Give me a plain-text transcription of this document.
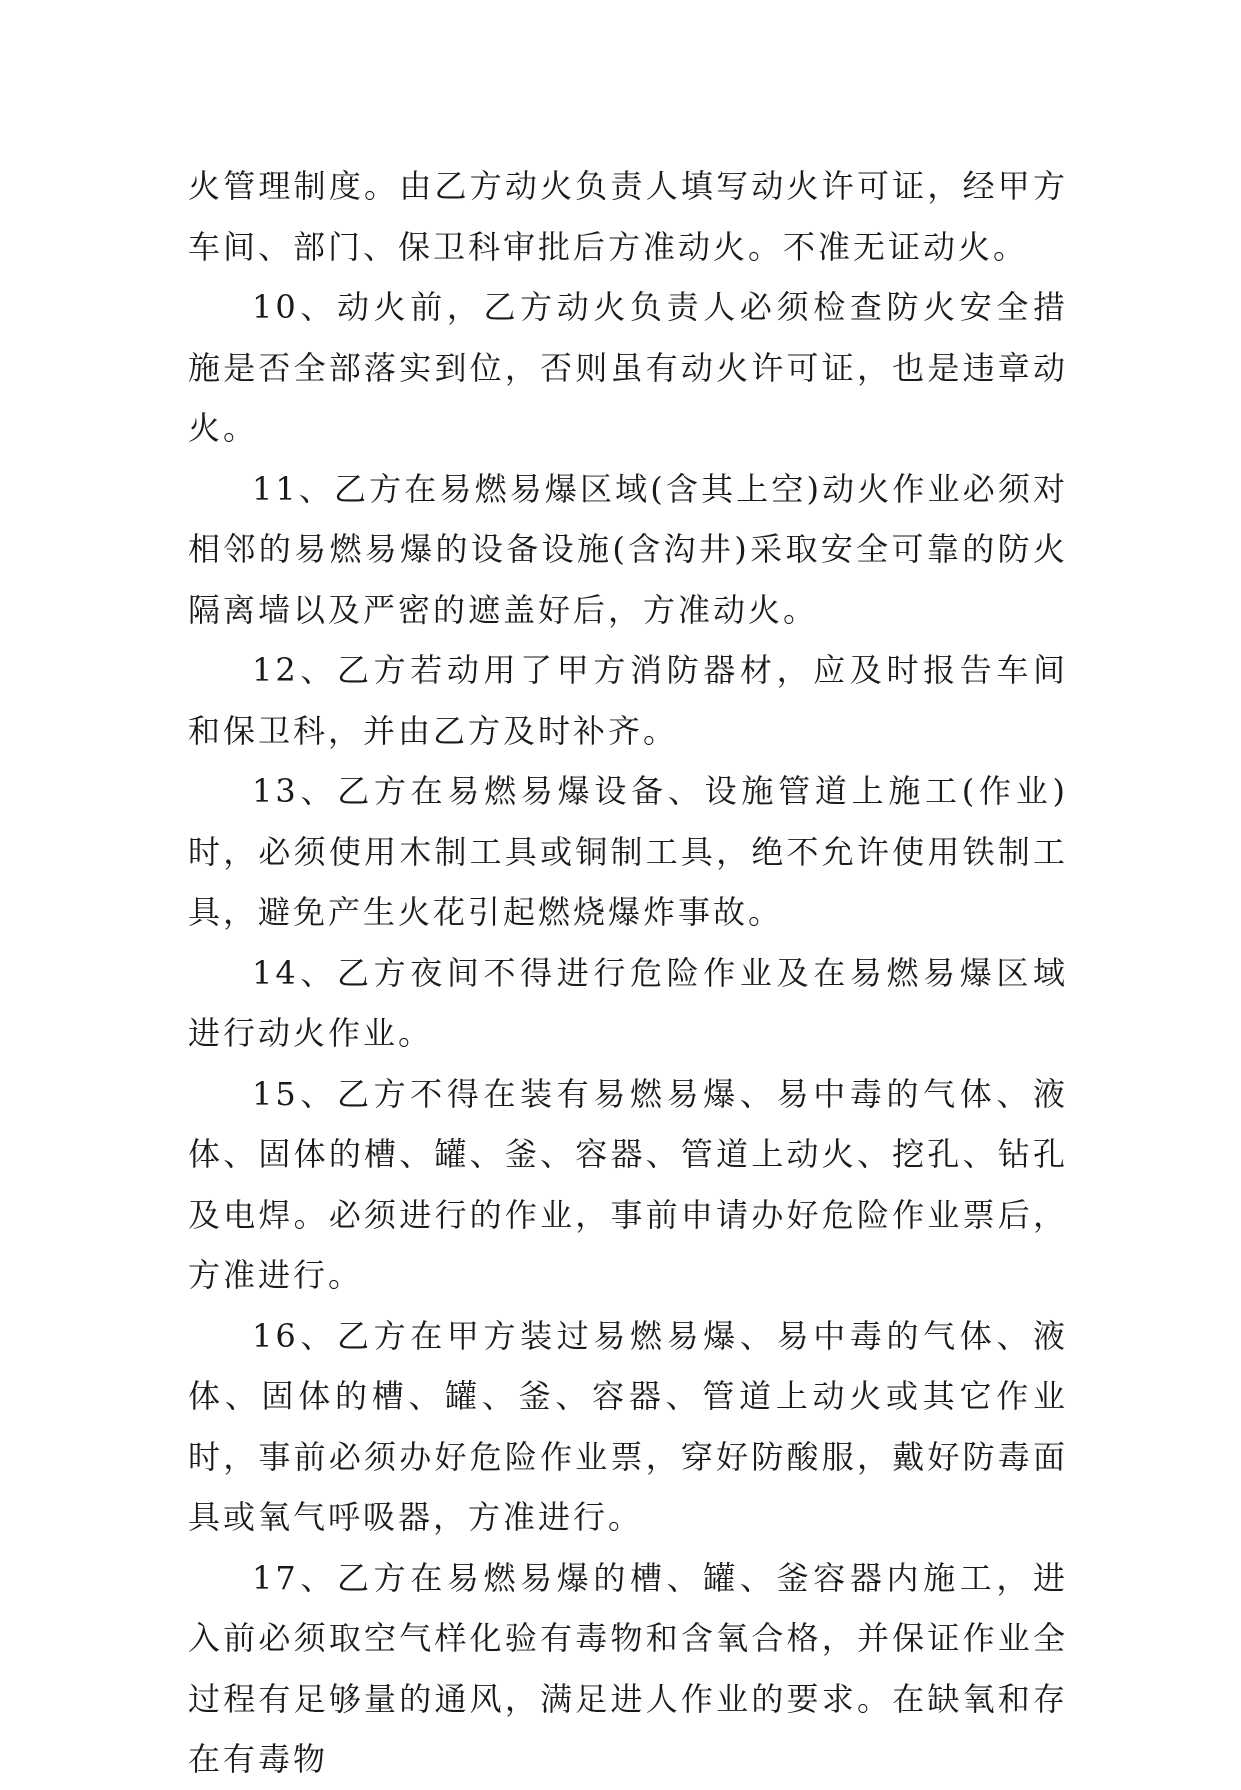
火管理制度。由乙方动火负责人填写动火许可证，经甲方车间、部门、保卫科审批后方准动火。不准无证动火。

10、动火前，乙方动火负责人必须检查防火安全措施是否全部落实到位，否则虽有动火许可证，也是违章动火。

11、乙方在易燃易爆区域(含其上空)动火作业必须对相邻的易燃易爆的设备设施(含沟井)采取安全可靠的防火隔离墙以及严密的遮盖好后，方准动火。

12、乙方若动用了甲方消防器材，应及时报告车间和保卫科，并由乙方及时补齐。

13、乙方在易燃易爆设备、设施管道上施工(作业)时，必须使用木制工具或铜制工具，绝不允许使用铁制工具，避免产生火花引起燃烧爆炸事故。

14、乙方夜间不得进行危险作业及在易燃易爆区域进行动火作业。

15、乙方不得在装有易燃易爆、易中毒的气体、液体、固体的槽、罐、釜、容器、管道上动火、挖孔、钻孔及电焊。必须进行的作业，事前申请办好危险作业票后，方准进行。

16、乙方在甲方装过易燃易爆、易中毒的气体、液体、固体的槽、罐、釜、容器、管道上动火或其它作业时，事前必须办好危险作业票，穿好防酸服，戴好防毒面具或氧气呼吸器，方准进行。

17、乙方在易燃易爆的槽、罐、釜容器内施工，进入前必须取空气样化验有毒物和含氧合格，并保证作业全过程有足够量的通风，满足进人作业的要求。在缺氧和存在有毒物
